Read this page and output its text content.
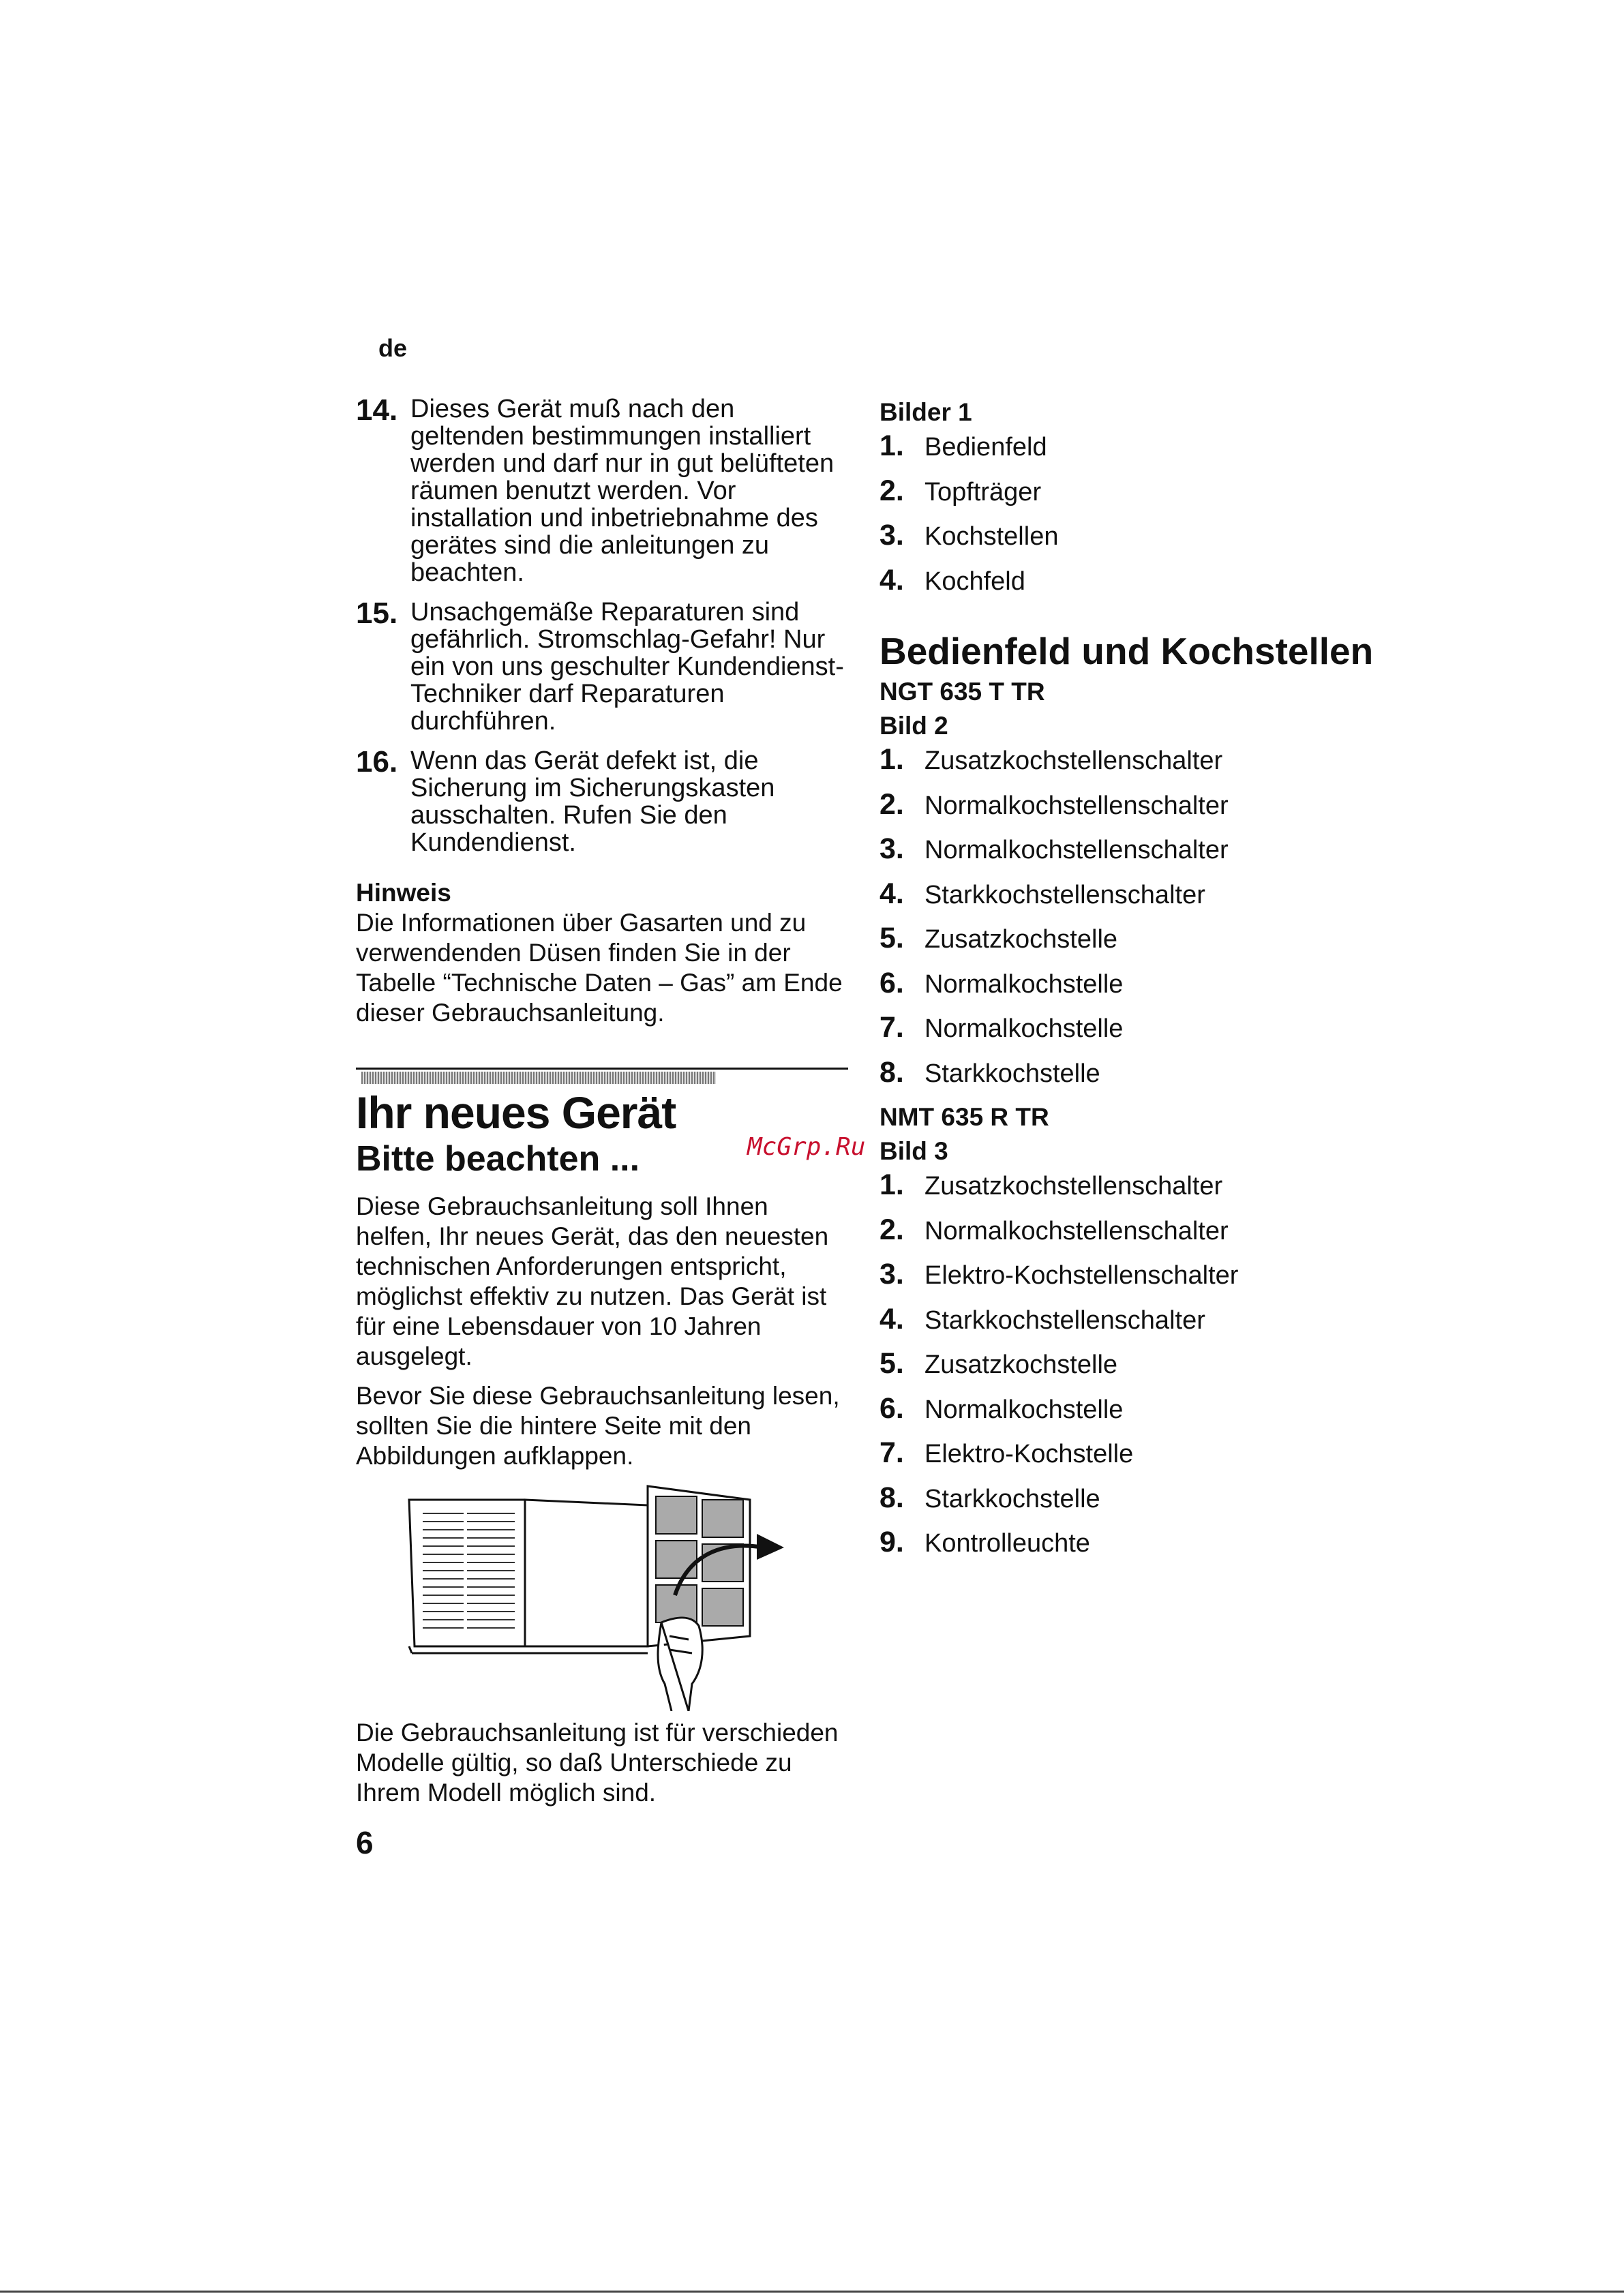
de
14. Dieses Gerät muß nach den geltenden bestimmungen installiert werden und darf nur in gut belüfteten räumen benutzt werden. Vor installation und inbetriebnahme des gerätes sind die anleitungen zu beachten.
15. Unsachgemäße Reparaturen sind gefährlich. Stromschlag-Gefahr! Nur ein von uns geschulter Kundendienst-Techniker darf Reparaturen durchführen.
16. Wenn das Gerät defekt ist, die Sicherung im Sicherungskasten ausschalten. Rufen Sie den Kundendienst.
Hinweis
Die Informationen über Gasarten und zu verwendenden Düsen finden Sie in der Tabelle “Technische Daten – Gas” am Ende dieser Gebrauchsanleitung.
Ihr neues Gerät
Bitte beachten ...
Diese Gebrauchsanleitung soll Ihnen helfen, Ihr neues Gerät, das den neuesten technischen Anforderungen entspricht, möglichst effektiv zu nutzen. Das Gerät ist für eine Lebensdauer von 10 Jahren ausgelegt.
Bevor Sie diese Gebrauchsanleitung lesen, sollten Sie die hintere Seite mit den Abbildungen aufklappen.
Die Gebrauchsanleitung ist für verschieden Modelle gültig, so daß Unterschiede zu Ihrem Modell möglich sind.
6
Bilder 1
1. Bedienfeld
2. Topfträger
3. Kochstellen
4. Kochfeld
Bedienfeld und Kochstellen
NGT 635 T TR
Bild 2
1. Zusatzkochstellenschalter
2. Normalkochstellenschalter
3. Normalkochstellenschalter
4. Starkkochstellenschalter
5. Zusatzkochstelle
6. Normalkochstelle
7. Normalkochstelle
8. Starkkochstelle
NMT 635 R TR
Bild 3
1. Zusatzkochstellenschalter
2. Normalkochstellenschalter
3. Elektro-Kochstellenschalter
4. Starkkochstellenschalter
5. Zusatzkochstelle
6. Normalkochstelle
7. Elektro-Kochstelle
8. Starkkochstelle
9. Kontrolleuchte
McGrp.Ru
